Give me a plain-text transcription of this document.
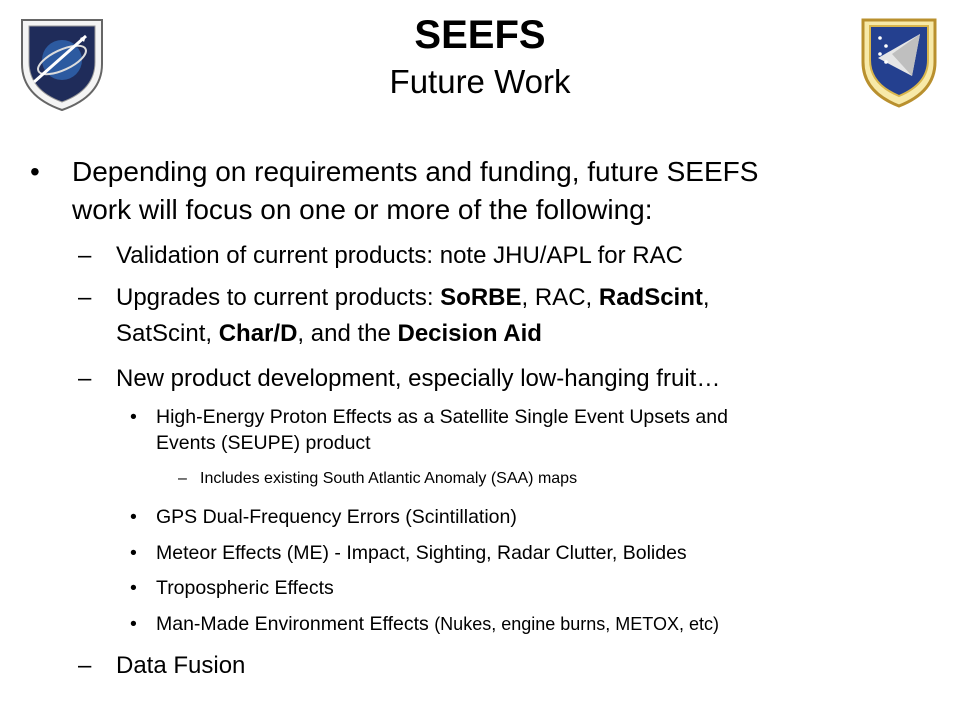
SEEFS
Future Work
• Depending on requirements and funding, future SEEFS
work will focus on one or more of the following:
– Validation of current products: note JHU/APL for RAC
– Upgrades to current products: SoRBE, RAC, RadScint,
SatScint, Char/D, and the Decision Aid
– New product development, especially low-hanging fruit…
• High-Energy Proton Effects as a Satellite Single Event Upsets and
Events (SEUPE) product
– Includes existing South Atlantic Anomaly (SAA) maps
• GPS Dual-Frequency Errors (Scintillation)
• Meteor Effects (ME) - Impact, Sighting, Radar Clutter, Bolides
• Tropospheric Effects
• Man-Made Environment Effects (Nukes, engine burns, METOX, etc)
– Data Fusion
